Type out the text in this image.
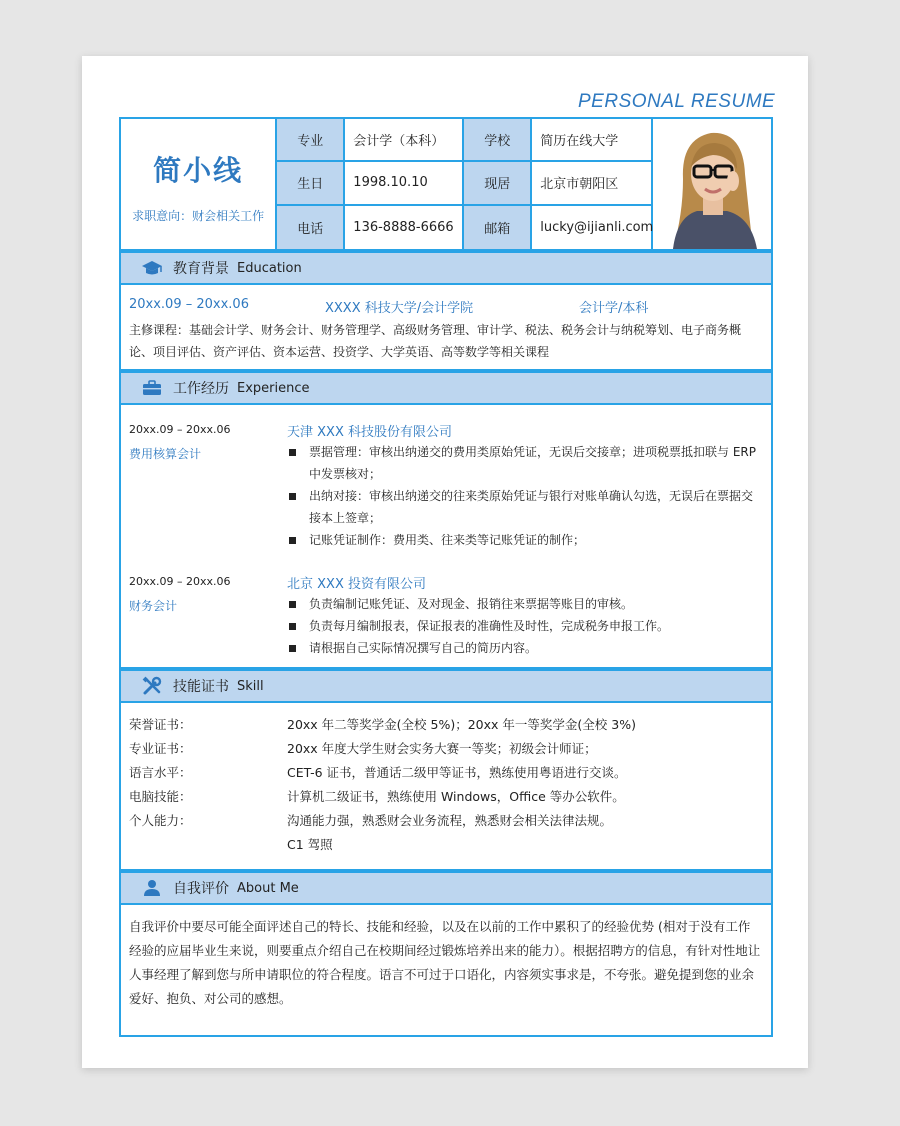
PERSONAL RESUME
简小线
求职意向：财会相关工作
专业	会计学（本科）	学校	简历在线大学
生日	1998.10.10	现居	北京市朝阳区
电话	136-8888-6666	邮箱	lucky@ijianli.com
教育背景 Education
20xx.09 – 20xx.06	XXXX 科技大学/会计学院	会计学/本科
主修课程：基础会计学、财务会计、财务管理学、高级财务管理、审计学、税法、税务会计与纳税筹划、电子商务概论、项目评估、资产评估、资本运营、投资学、大学英语、高等数学等相关课程
工作经历 Experience
20xx.09 – 20xx.06
费用核算会计
天津 XXX 科技股份有限公司
票据管理：审核出纳递交的费用类原始凭证，无误后交接章；进项税票抵扣联与 ERP 中发票核对；
出纳对接：审核出纳递交的往来类原始凭证与银行对账单确认勾选，无误后在票据交接本上签章；
记账凭证制作：费用类、往来类等记账凭证的制作；
20xx.09 – 20xx.06
财务会计
北京 XXX 投资有限公司
负责编制记账凭证、及对现金、报销往来票据等账目的审核。
负责每月编制报表，保证报表的准确性及时性，完成税务申报工作。
请根据自己实际情况撰写自己的简历内容。
技能证书 Skill
荣誉证书：	20xx 年二等奖学金(全校 5%)；20xx 年一等奖学金(全校 3%)
专业证书：	20xx 年度大学生财会实务大赛一等奖；初级会计师证；
语言水平：	CET-6 证书，普通话二级甲等证书，熟练使用粤语进行交谈。
电脑技能：	计算机二级证书，熟练使用 Windows，Office 等办公软件。
个人能力：	沟通能力强，熟悉财会业务流程，熟悉财会相关法律法规。
C1 驾照
自我评价 About Me
自我评价中要尽可能全面评述自己的特长、技能和经验，以及在以前的工作中累积了的经验优势 (相对于没有工作经验的应届毕业生来说，则要重点介绍自己在校期间经过锻炼培养出来的能力）。根据招聘方的信息，有针对性地让人事经理了解到您与所申请职位的符合程度。语言不可过于口语化，内容须实事求是，不夸张。避免提到您的业余爱好、抱负、对公司的感想。
